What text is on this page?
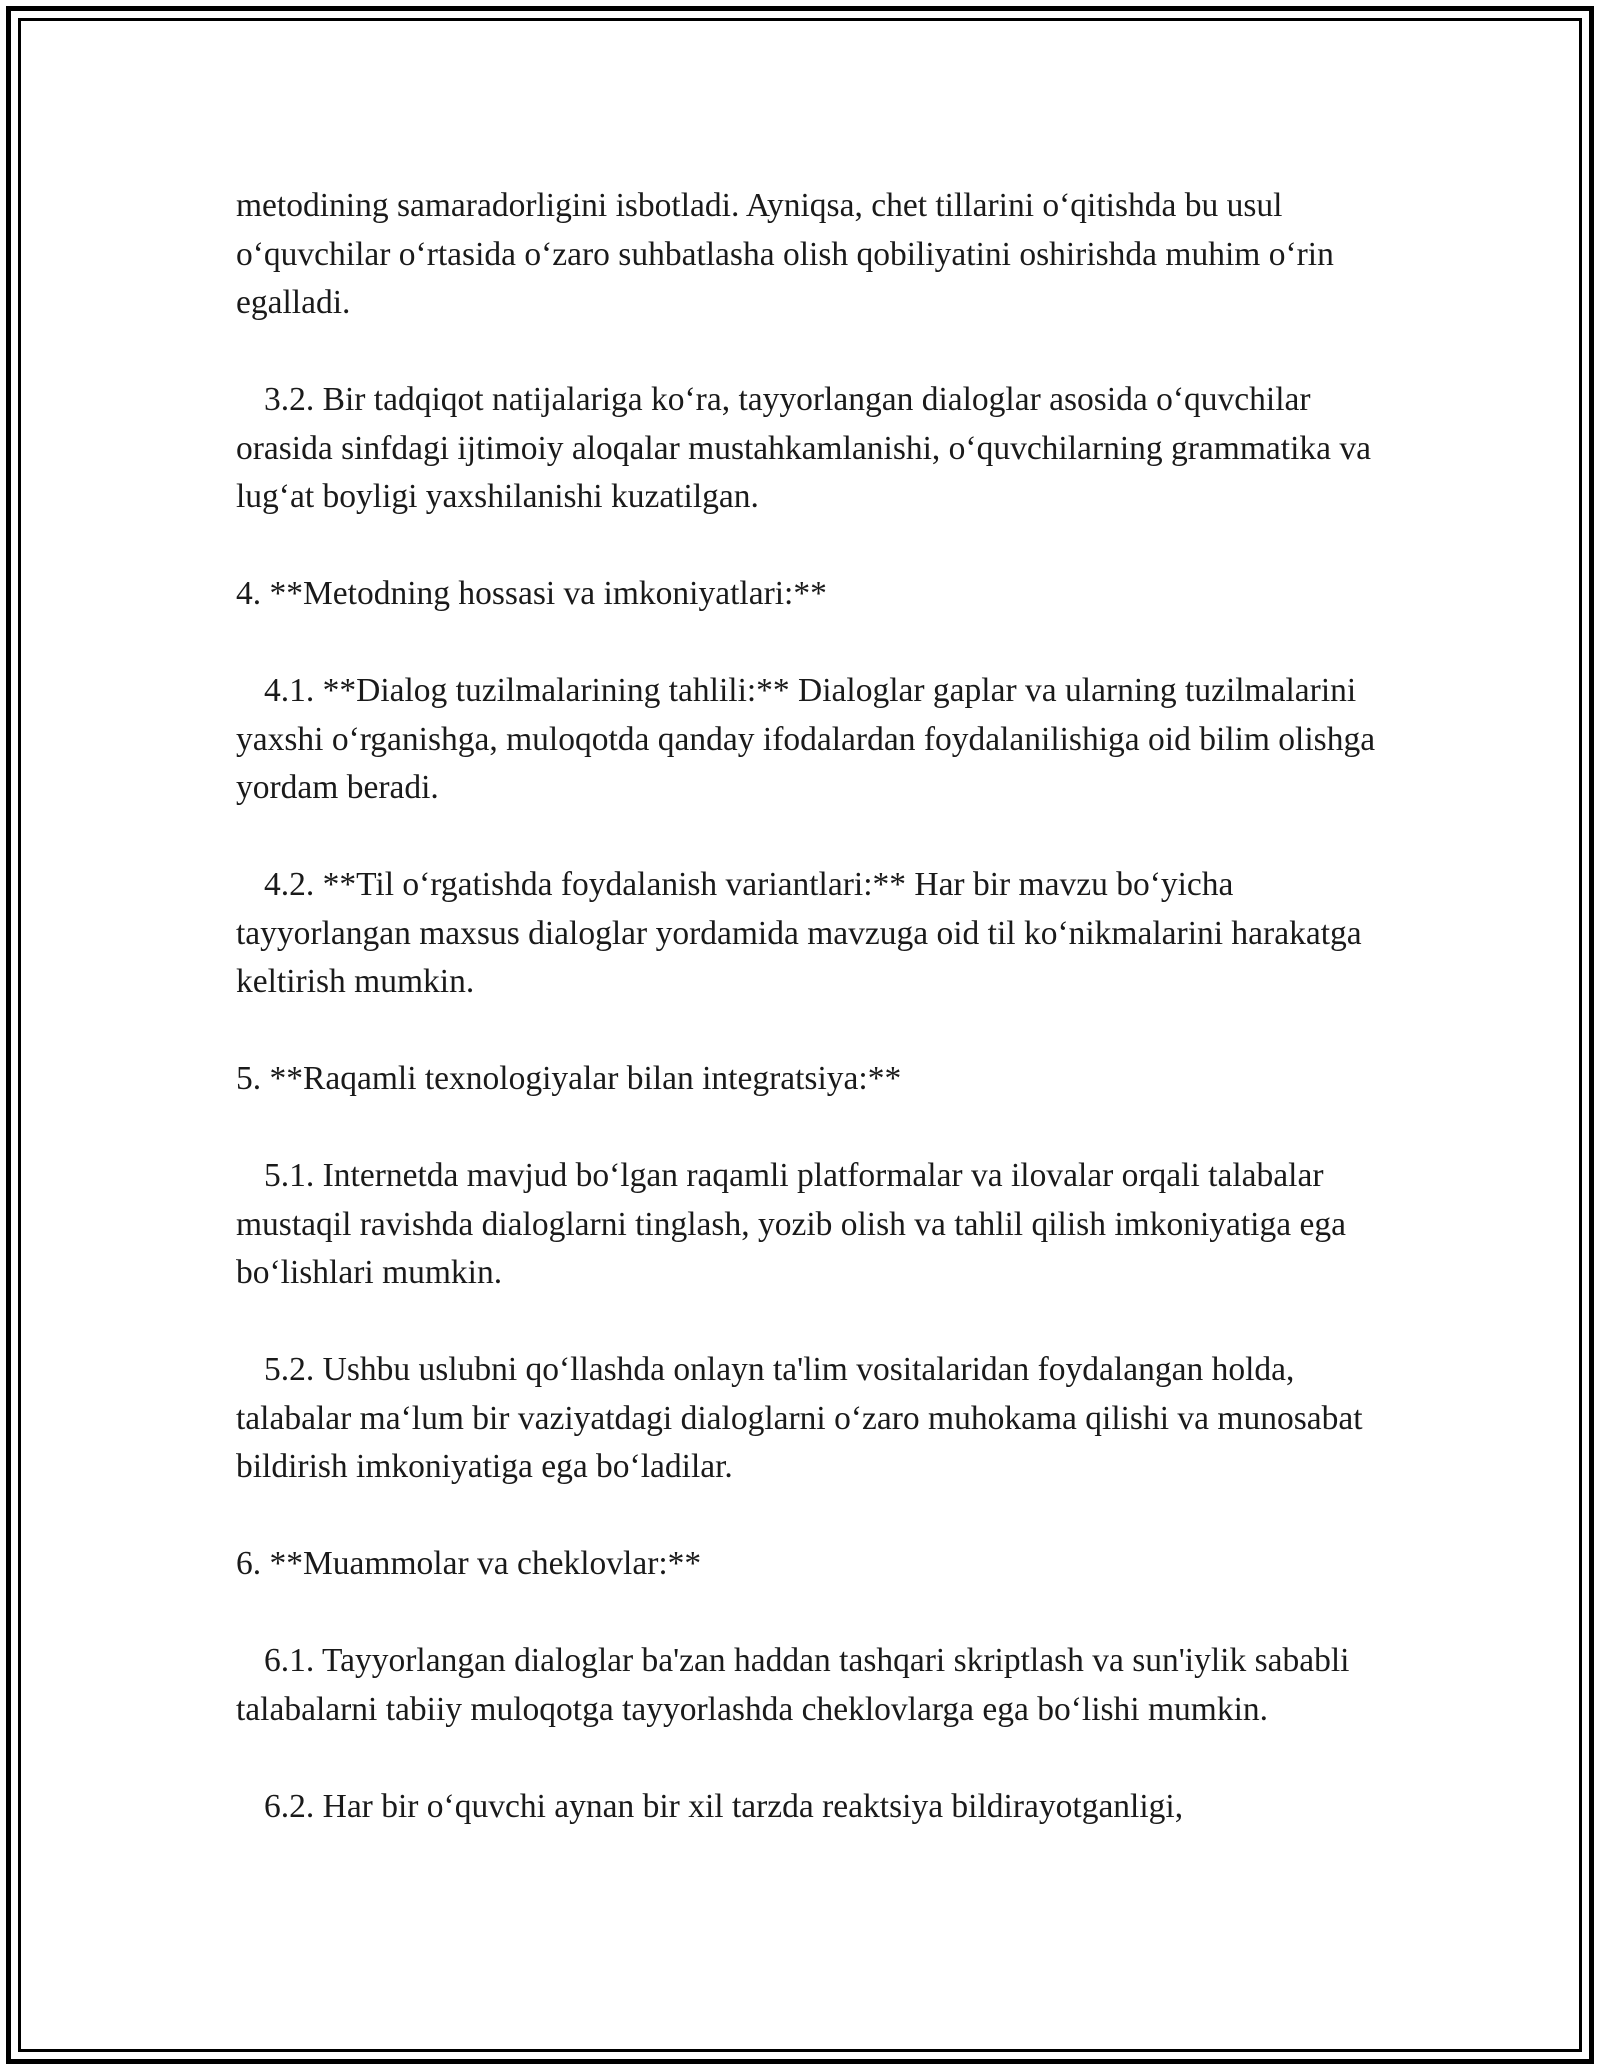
metodining samaradorligini isbotladi. Ayniqsa, chet tillarini oʻqitishda bu usul oʻquvchilar oʻrtasida oʻzaro suhbatlasha olish qobiliyatini oshirishda muhim oʻrin egalladi.

3.2. Bir tadqiqot natijalariga koʻra, tayyorlangan dialoglar asosida oʻquvchilar orasida sinfdagi ijtimoiy aloqalar mustahkamlanishi, oʻquvchilarning grammatika va lugʻat boyligi yaxshilanishi kuzatilgan.

4. **Metodning hossasi va imkoniyatlari:**

4.1. **Dialog tuzilmalarining tahlili:** Dialoglar gaplar va ularning tuzilmalarini yaxshi oʻrganishga, muloqotda qanday ifodalardan foydalanilishiga oid bilim olishga yordam beradi.

4.2. **Til oʻrgatishda foydalanish variantlari:** Har bir mavzu boʻyicha tayyorlangan maxsus dialoglar yordamida mavzuga oid til koʻnikmalarini harakatga keltirish mumkin.

5. **Raqamli texnologiyalar bilan integratsiya:**

5.1. Internetda mavjud boʻlgan raqamli platformalar va ilovalar orqali talabalar mustaqil ravishda dialoglarni tinglash, yozib olish va tahlil qilish imkoniyatiga ega boʻlishlari mumkin.

5.2. Ushbu uslubni qoʻllashda onlayn ta'lim vositalaridan foydalangan holda, talabalar maʻlum bir vaziyatdagi dialoglarni oʻzaro muhokama qilishi va munosabat bildirish imkoniyatiga ega boʻladilar.

6. **Muammolar va cheklovlar:**

6.1. Tayyorlangan dialoglar ba'zan haddan tashqari skriptlash va sun'iylik sababli talabalarni tabiiy muloqotga tayyorlashda cheklovlarga ega boʻlishi mumkin.

6.2. Har bir oʻquvchi aynan bir xil tarzda reaktsiya bildirayotganligi,
